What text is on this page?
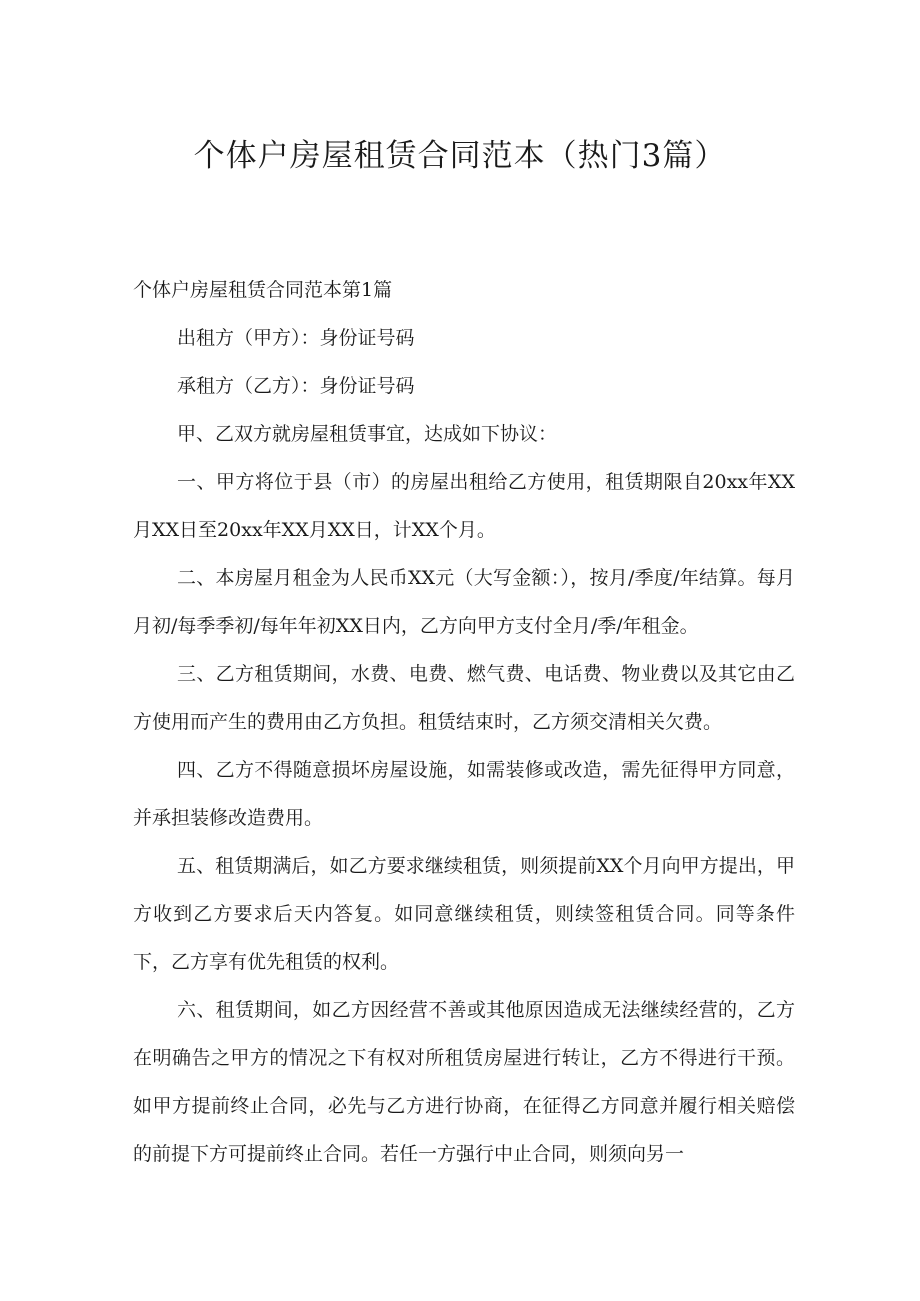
个体户房屋租赁合同范本（热门3篇）

个体户房屋租赁合同范本第1篇

出租方（甲方）：身份证号码

承租方（乙方）：身份证号码

甲、乙双方就房屋租赁事宜，达成如下协议：

一、甲方将位于县（市）的房屋出租给乙方使用，租赁期限自20xx年XX月XX日至20xx年XX月XX日，计XX个月。

二、本房屋月租金为人民币XX元（大写金额：），按月/季度/年结算。每月月初/每季季初/每年年初XX日内，乙方向甲方支付全月/季/年租金。

三、乙方租赁期间，水费、电费、燃气费、电话费、物业费以及其它由乙方使用而产生的费用由乙方负担。租赁结束时，乙方须交清相关欠费。

四、乙方不得随意损坏房屋设施，如需装修或改造，需先征得甲方同意，并承担装修改造费用。

五、租赁期满后，如乙方要求继续租赁，则须提前XX个月向甲方提出，甲方收到乙方要求后天内答复。如同意继续租赁，则续签租赁合同。同等条件下，乙方享有优先租赁的权利。

六、租赁期间，如乙方因经营不善或其他原因造成无法继续经营的，乙方在明确告之甲方的情况之下有权对所租赁房屋进行转让，乙方不得进行干预。如甲方提前终止合同，必先与乙方进行协商，在征得乙方同意并履行相关赔偿的前提下方可提前终止合同。若任一方强行中止合同，则须向另一
